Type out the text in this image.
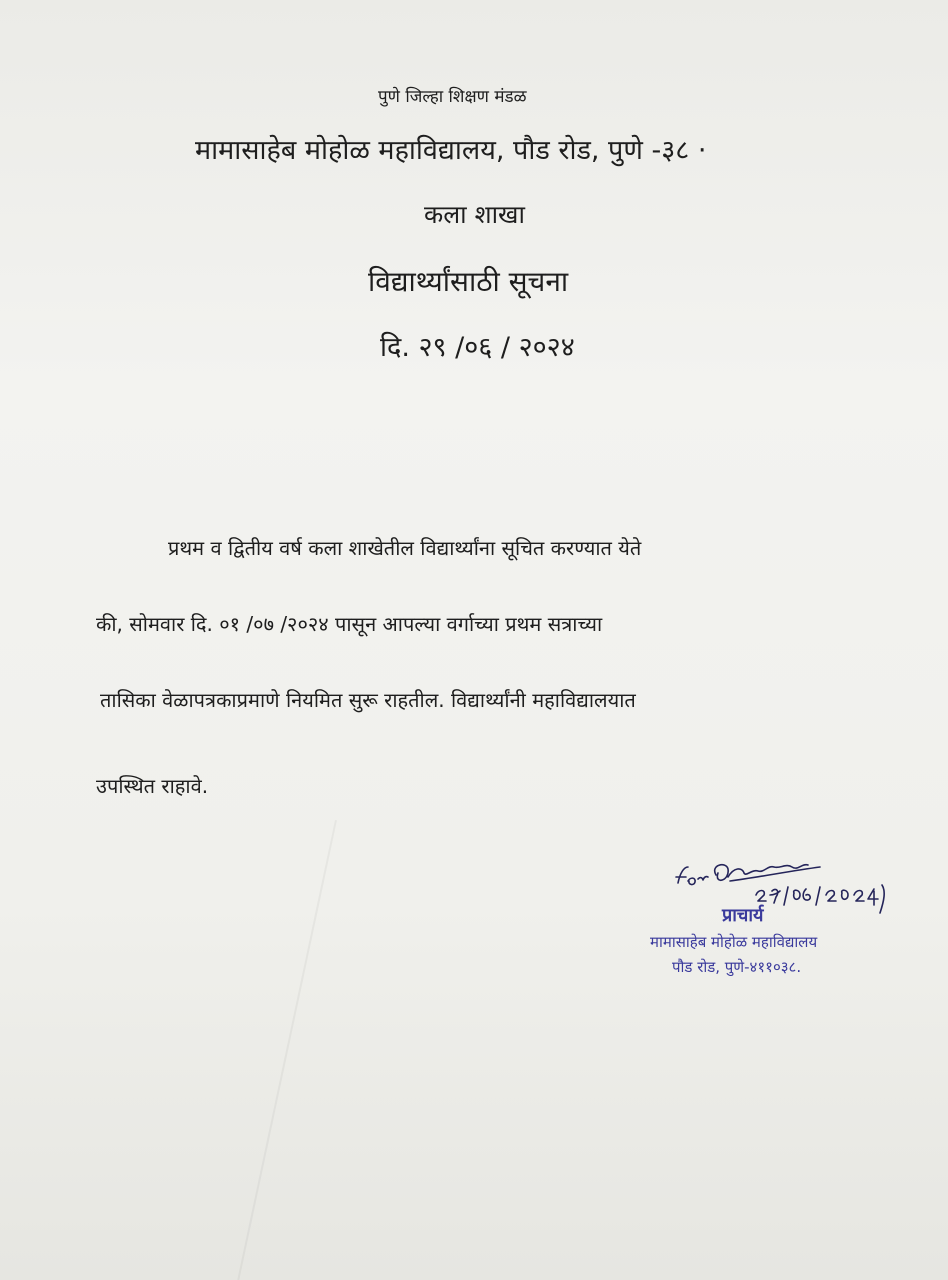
पुणे जिल्हा शिक्षण मंडळ
मामासाहेब मोहोळ महाविद्यालय, पौड रोड, पुणे -३८ ·
कला शाखा
विद्यार्थ्यांसाठी सूचना
दि. २९ /०६ / २०२४
प्रथम व द्वितीय वर्ष कला शाखेतील विद्यार्थ्यांना सूचित करण्यात येते
की, सोमवार दि. ०१ /०७ /२०२४ पासून आपल्या वर्गाच्या प्रथम सत्राच्या
तासिका वेळापत्रकाप्रमाणे नियमित सुरू राहतील. विद्यार्थ्यांनी महाविद्यालयात
उपस्थित राहावे.
प्राचार्य
मामासाहेब मोहोळ महाविद्यालय
पौड रोड, पुणे-४११०३८.
